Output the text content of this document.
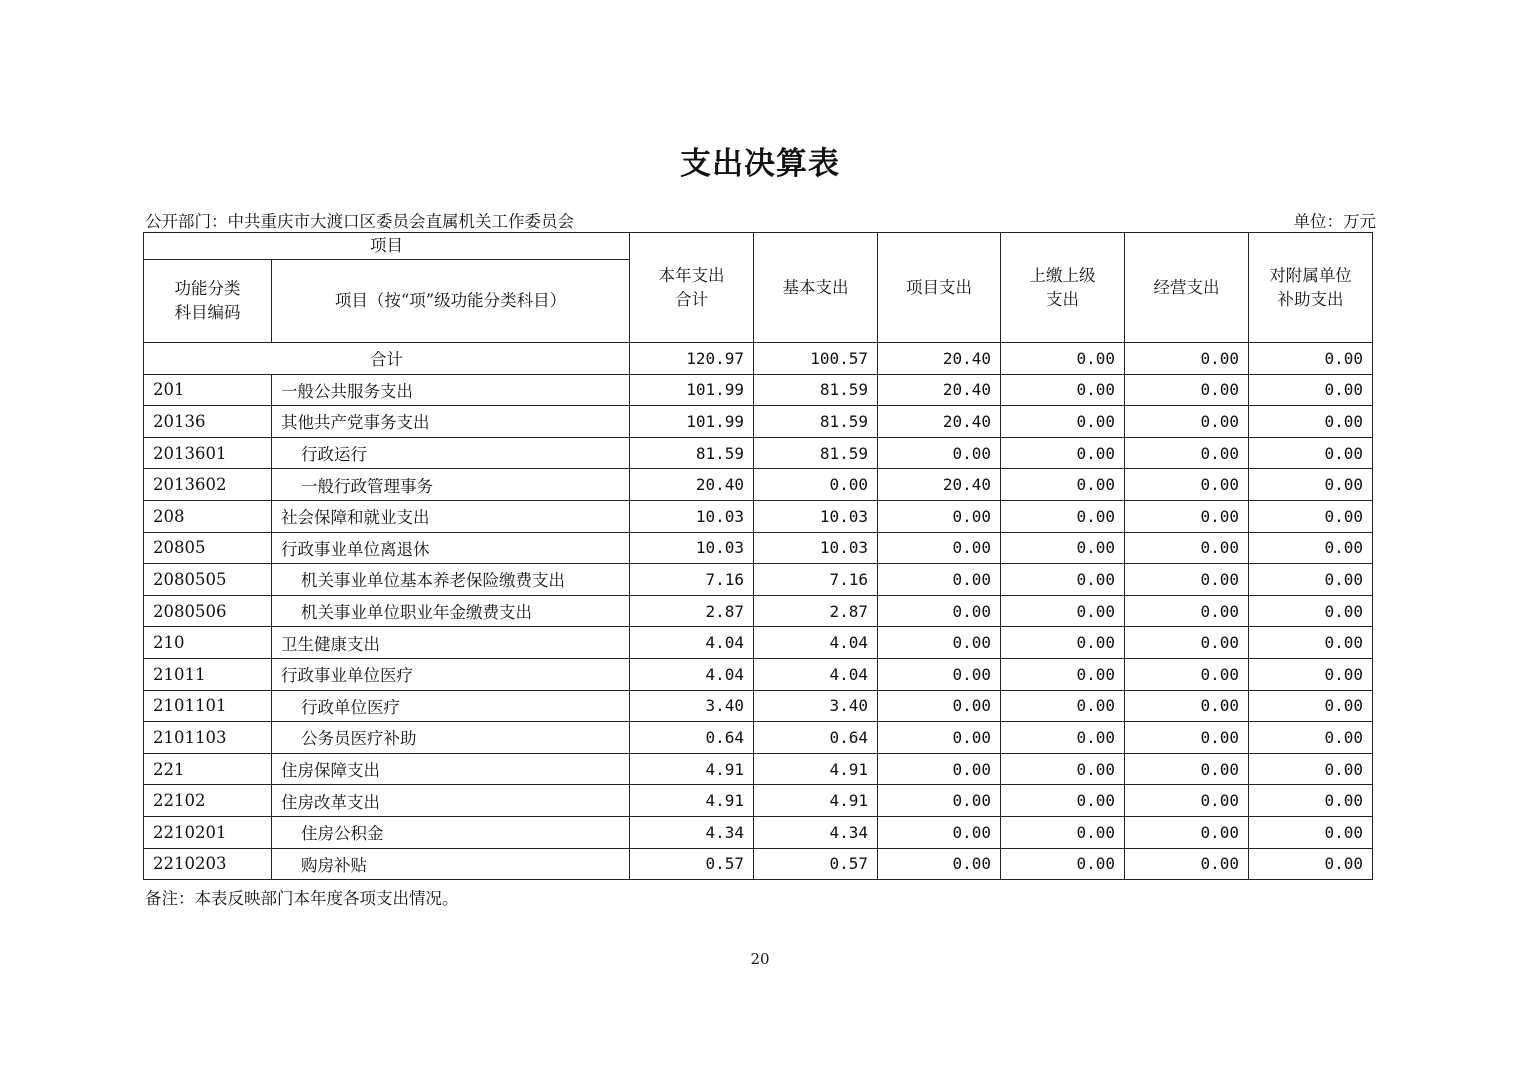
支出决算表
公开部门：中共重庆市大渡口区委员会直属机关工作委员会	单位：万元
项目		本年支出合计	基本支出	项目支出	上缴上级支出	经营支出	对附属单位补助支出

功能分类科目编码	项目（按“项”级功能分类科目）						
合计		120.97	100.57	20.40	0.00	0.00	0.00
201	一般公共服务支出	101.99	81.59	20.40	0.00	0.00	0.00
20136	其他共产党事务支出	101.99	81.59	20.40	0.00	0.00	0.00
2013601	行政运行	81.59	81.59	0.00	0.00	0.00	0.00
2013602	一般行政管理事务	20.40	0.00	20.40	0.00	0.00	0.00
208	社会保障和就业支出	10.03	10.03	0.00	0.00	0.00	0.00
20805	行政事业单位离退休	10.03	10.03	0.00	0.00	0.00	0.00
2080505	机关事业单位基本养老保险缴费支出	7.16	7.16	0.00	0.00	0.00	0.00
2080506	机关事业单位职业年金缴费支出	2.87	2.87	0.00	0.00	0.00	0.00
210	卫生健康支出	4.04	4.04	0.00	0.00	0.00	0.00
21011	行政事业单位医疗	4.04	4.04	0.00	0.00	0.00	0.00
2101101	行政单位医疗	3.40	3.40	0.00	0.00	0.00	0.00
2101103	公务员医疗补助	0.64	0.64	0.00	0.00	0.00	0.00
221	住房保障支出	4.91	4.91	0.00	0.00	0.00	0.00
22102	住房改革支出	4.91	4.91	0.00	0.00	0.00	0.00
2210201	住房公积金	4.34	4.34	0.00	0.00	0.00	0.00
2210203	购房补贴	0.57	0.57	0.00	0.00	0.00	0.00
备注：本表反映部门本年度各项支出情况。
20
